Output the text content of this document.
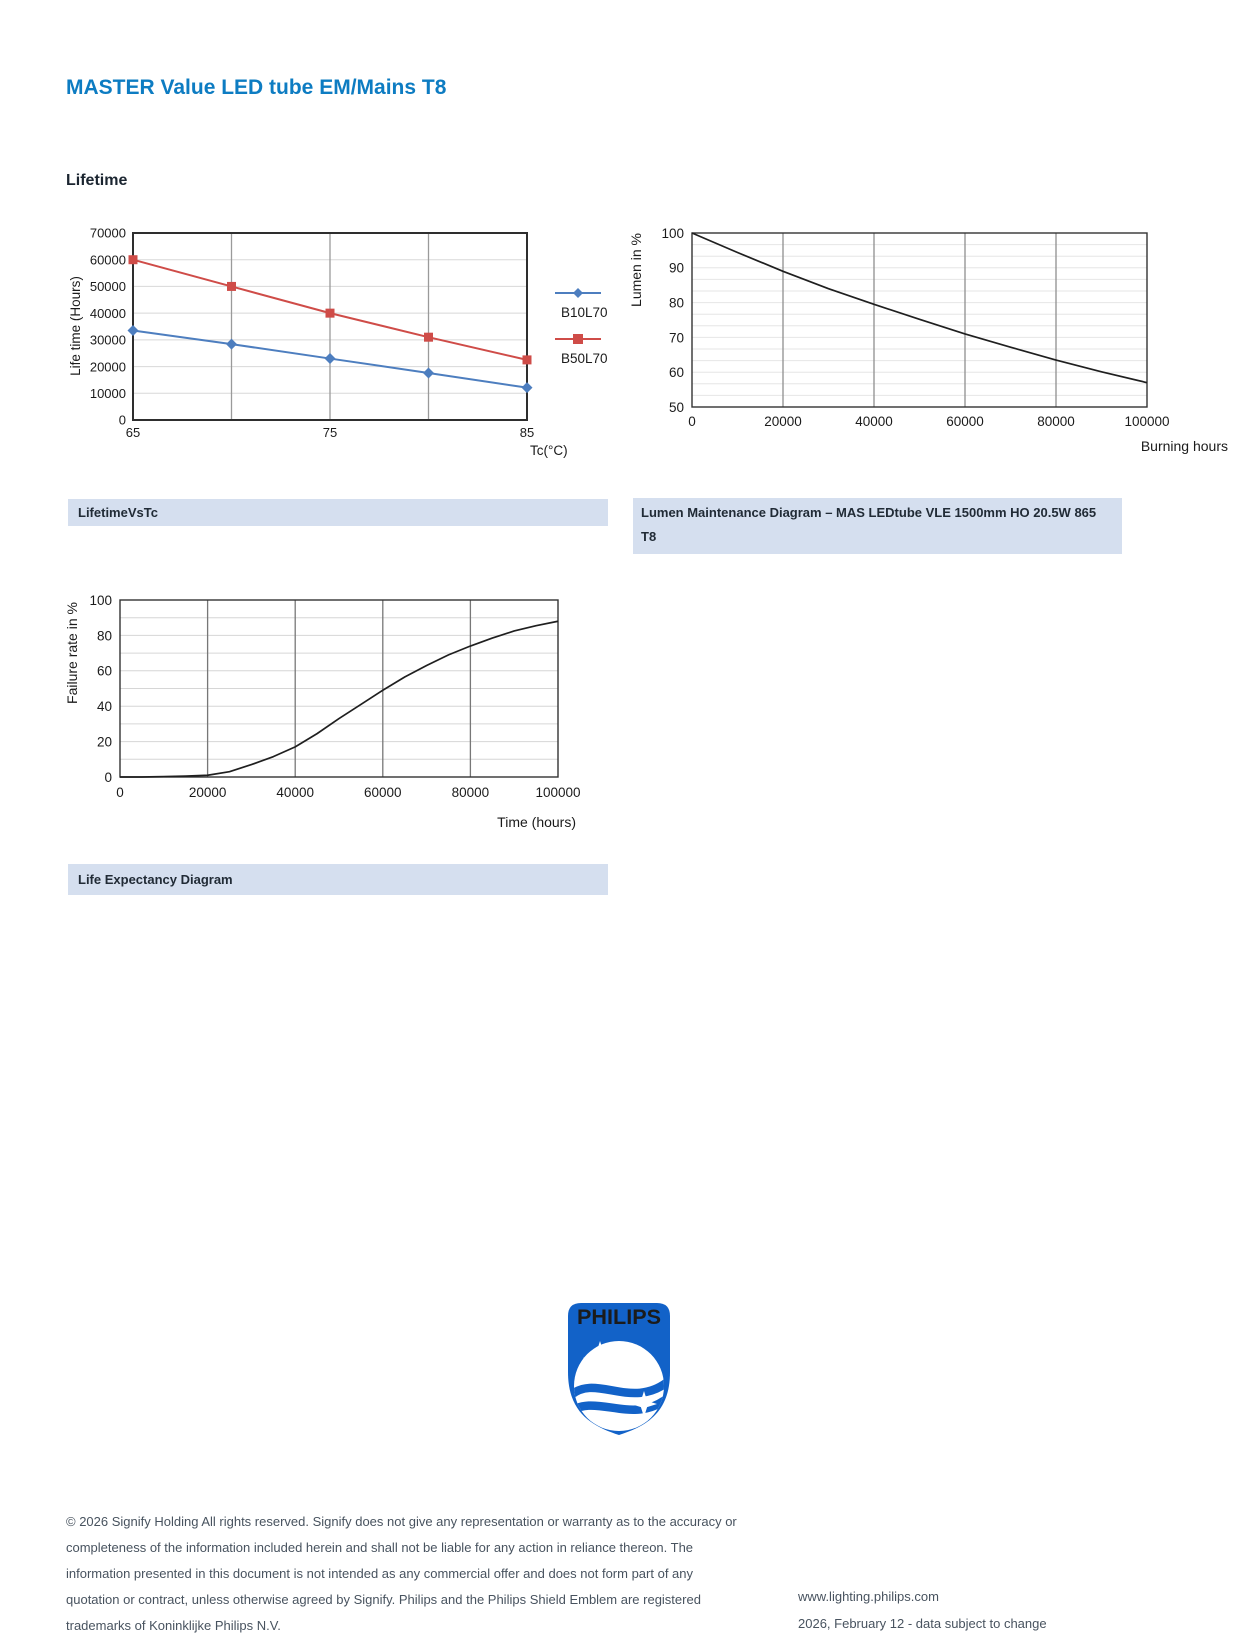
MASTER Value LED tube EM/Mains T8
Lifetime
0
10000
20000
30000
40000
50000
60000
70000
65	75	85
Life time (Hours)
Tc(°C)
B10L70
B50L70
50
60
70
80
90
100
0	20000	40000	60000	80000	100000
Lumen in %
Burning hours
LifetimeVsTc	Lumen Maintenance Diagram – MAS LEDtube VLE 1500mm HO 20.5W 865 T8
0
20
40
60
80
100
0	20000	40000	60000	80000	100000
Failure rate in %
Time (hours)
Life Expectancy Diagram
PHILIPS
© 2026 Signify Holding All rights reserved. Signify does not give any representation or warranty as to the accuracy or
completeness of the information included herein and shall not be liable for any action in reliance thereon. The
information presented in this document is not intended as any commercial offer and does not form part of any
quotation or contract, unless otherwise agreed by Signify. Philips and the Philips Shield Emblem are registered
trademarks of Koninklijke Philips N.V.
www.lighting.philips.com
2026, February 12 - data subject to change
